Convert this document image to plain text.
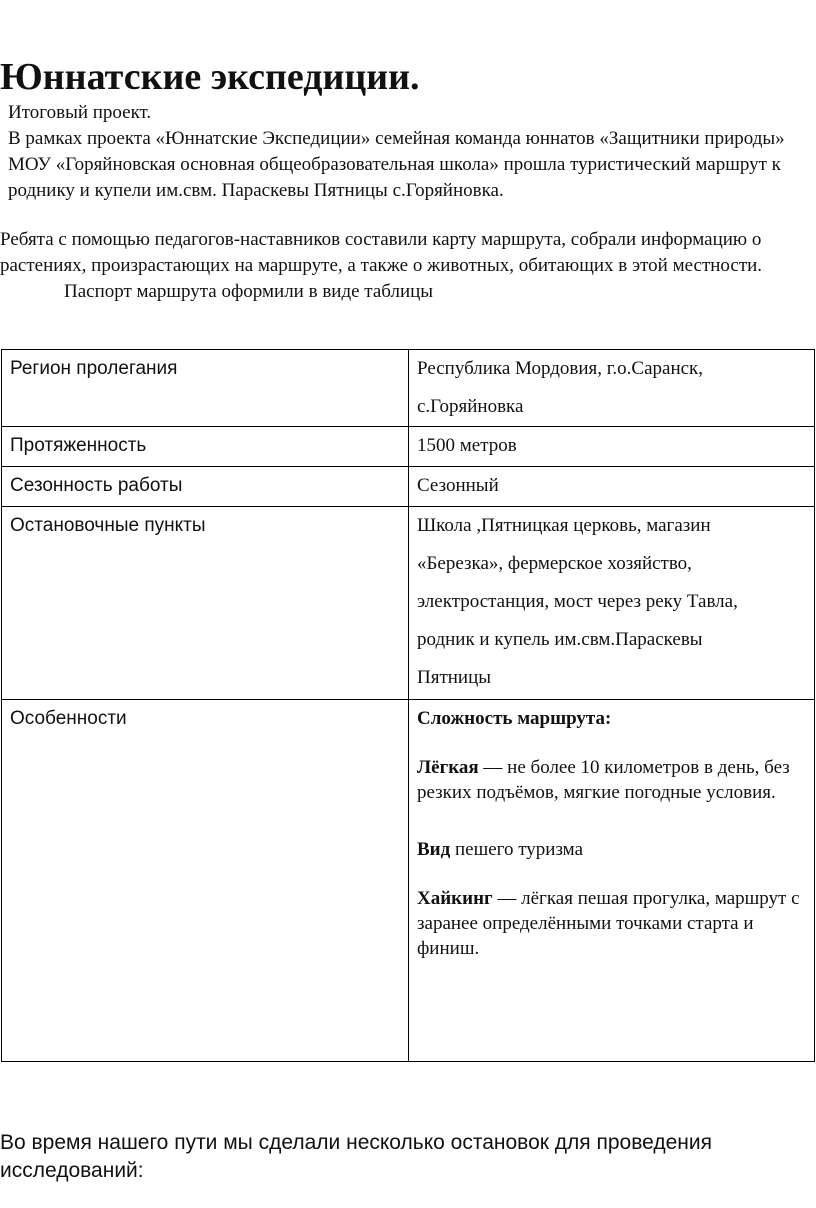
Юннатские экспедиции.

Итоговый проект.

В рамках проекта «Юннатские Экспедиции» семейная команда юннатов «Защитники природы» МОУ «Горяйновская основная общеобразовательная школа» прошла туристический маршрут к роднику и купели им.свм. Параскевы Пятницы с.Горяйновка.

Ребята с помощью педагогов-наставников составили карту маршрута, собрали информацию о растениях, произрастающих на маршруте, а также о животных, обитающих в этой местности.

Паспорт маршрута оформили в виде таблицы

Регион пролегания	Республика Мордовия, г.о.Саранск,
с.Горяйновка

Протяженность	1500 метров

Сезонность работы	Сезонный

Остановочные пункты	Школа ,Пятницкая церковь, магазин
«Березка», фермерское хозяйство,
электростанция, мост через реку Тавла,
родник и купель им.свм.Параскевы
Пятницы

Особенности	Сложность маршрута:

Лёгкая — не более 10 километров в день, без резких подъёмов, мягкие погодные условия.

Вид пешего туризма

Хайкинг — лёгкая пешая прогулка, маршрут с заранее определёнными точками старта и финиш.

Во время нашего пути мы сделали несколько остановок для проведения исследований:
